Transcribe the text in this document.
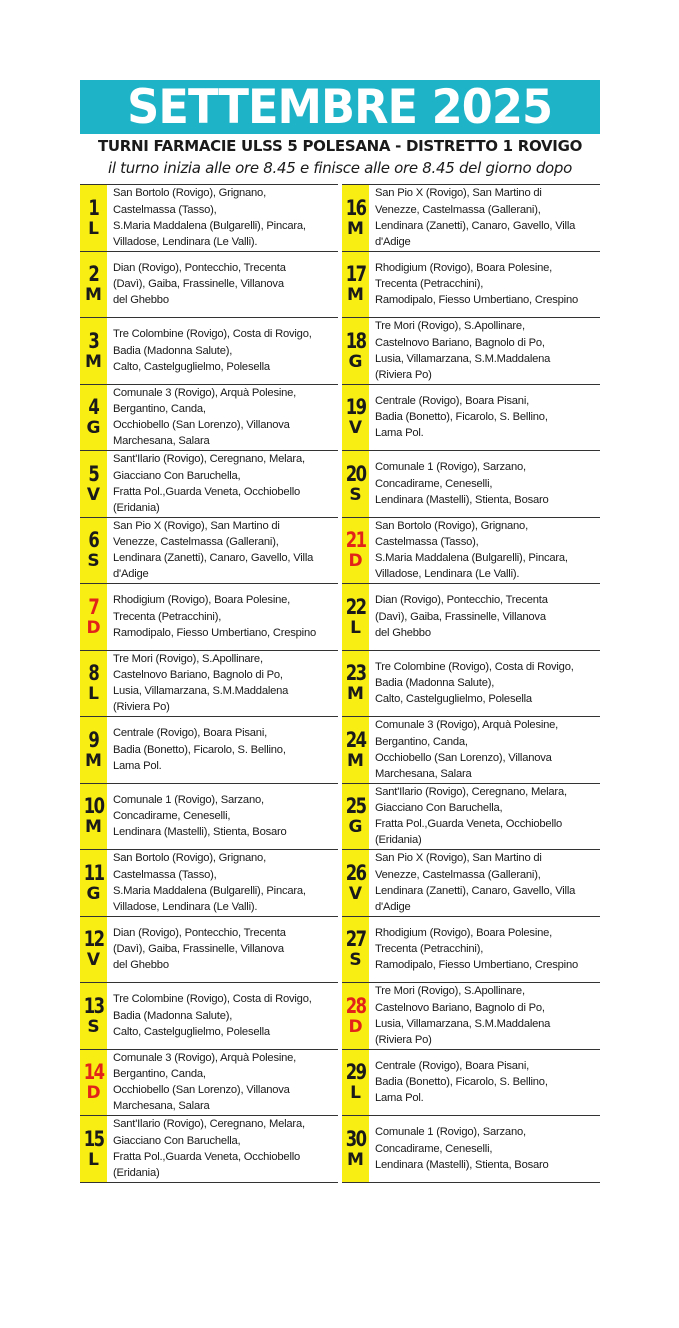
SETTEMBRE 2025
TURNI FARMACIE ULSS 5 POLESANA - DISTRETTO 1 ROVIGO
il turno inizia alle ore 8.45 e finisce alle ore 8.45 del giorno dopo
1
L
San Bortolo (Rovigo), Grignano,
Castelmassa (Tasso),
S.Maria Maddalena (Bulgarelli), Pincara,
Villadose, Lendinara (Le Valli).
2
M
Dian (Rovigo), Pontecchio, Trecenta
(Davì), Gaiba, Frassinelle, Villanova
del Ghebbo
3
M
Tre Colombine (Rovigo), Costa di Rovigo,
Badia (Madonna Salute),
Calto, Castelguglielmo, Polesella
4
G
Comunale 3 (Rovigo), Arquà Polesine,
Bergantino, Canda,
Occhiobello (San Lorenzo), Villanova
Marchesana, Salara
5
V
Sant'Ilario (Rovigo), Ceregnano, Melara,
Giacciano Con Baruchella,
Fratta Pol.,Guarda Veneta, Occhiobello
(Eridania)
6
S
San Pio X (Rovigo), San Martino di
Venezze, Castelmassa (Gallerani),
Lendinara (Zanetti), Canaro, Gavello, Villa
d'Adige
7
D
Rhodigium (Rovigo), Boara Polesine,
Trecenta (Petracchini),
Ramodipalo, Fiesso Umbertiano, Crespino
8
L
Tre Mori (Rovigo), S.Apollinare,
Castelnovo Bariano, Bagnolo di Po,
Lusia, Villamarzana, S.M.Maddalena
(Riviera Po)
9
M
Centrale (Rovigo), Boara Pisani,
Badia (Bonetto), Ficarolo, S. Bellino,
Lama Pol.
10
M
Comunale 1 (Rovigo), Sarzano,
Concadirame, Ceneselli,
Lendinara (Mastelli), Stienta, Bosaro
11
G
San Bortolo (Rovigo), Grignano,
Castelmassa (Tasso),
S.Maria Maddalena (Bulgarelli), Pincara,
Villadose, Lendinara (Le Valli).
12
V
Dian (Rovigo), Pontecchio, Trecenta
(Davì), Gaiba, Frassinelle, Villanova
del Ghebbo
13
S
Tre Colombine (Rovigo), Costa di Rovigo,
Badia (Madonna Salute),
Calto, Castelguglielmo, Polesella
14
D
Comunale 3 (Rovigo), Arquà Polesine,
Bergantino, Canda,
Occhiobello (San Lorenzo), Villanova
Marchesana, Salara
15
L
Sant'Ilario (Rovigo), Ceregnano, Melara,
Giacciano Con Baruchella,
Fratta Pol.,Guarda Veneta, Occhiobello
(Eridania)
16
M
San Pio X (Rovigo), San Martino di
Venezze, Castelmassa (Gallerani),
Lendinara (Zanetti), Canaro, Gavello, Villa
d'Adige
17
M
Rhodigium (Rovigo), Boara Polesine,
Trecenta (Petracchini),
Ramodipalo, Fiesso Umbertiano, Crespino
18
G
Tre Mori (Rovigo), S.Apollinare,
Castelnovo Bariano, Bagnolo di Po,
Lusia, Villamarzana, S.M.Maddalena
(Riviera Po)
19
V
Centrale (Rovigo), Boara Pisani,
Badia (Bonetto), Ficarolo, S. Bellino,
Lama Pol.
20
S
Comunale 1 (Rovigo), Sarzano,
Concadirame, Ceneselli,
Lendinara (Mastelli), Stienta, Bosaro
21
D
San Bortolo (Rovigo), Grignano,
Castelmassa (Tasso),
S.Maria Maddalena (Bulgarelli), Pincara,
Villadose, Lendinara (Le Valli).
22
L
Dian (Rovigo), Pontecchio, Trecenta
(Davì), Gaiba, Frassinelle, Villanova
del Ghebbo
23
M
Tre Colombine (Rovigo), Costa di Rovigo,
Badia (Madonna Salute),
Calto, Castelguglielmo, Polesella
24
M
Comunale 3 (Rovigo), Arquà Polesine,
Bergantino, Canda,
Occhiobello (San Lorenzo), Villanova
Marchesana, Salara
25
G
Sant'Ilario (Rovigo), Ceregnano, Melara,
Giacciano Con Baruchella,
Fratta Pol.,Guarda Veneta, Occhiobello
(Eridania)
26
V
San Pio X (Rovigo), San Martino di
Venezze, Castelmassa (Gallerani),
Lendinara (Zanetti), Canaro, Gavello, Villa
d'Adige
27
S
Rhodigium (Rovigo), Boara Polesine,
Trecenta (Petracchini),
Ramodipalo, Fiesso Umbertiano, Crespino
28
D
Tre Mori (Rovigo), S.Apollinare,
Castelnovo Bariano, Bagnolo di Po,
Lusia, Villamarzana, S.M.Maddalena
(Riviera Po)
29
L
Centrale (Rovigo), Boara Pisani,
Badia (Bonetto), Ficarolo, S. Bellino,
Lama Pol.
30
M
Comunale 1 (Rovigo), Sarzano,
Concadirame, Ceneselli,
Lendinara (Mastelli), Stienta, Bosaro
